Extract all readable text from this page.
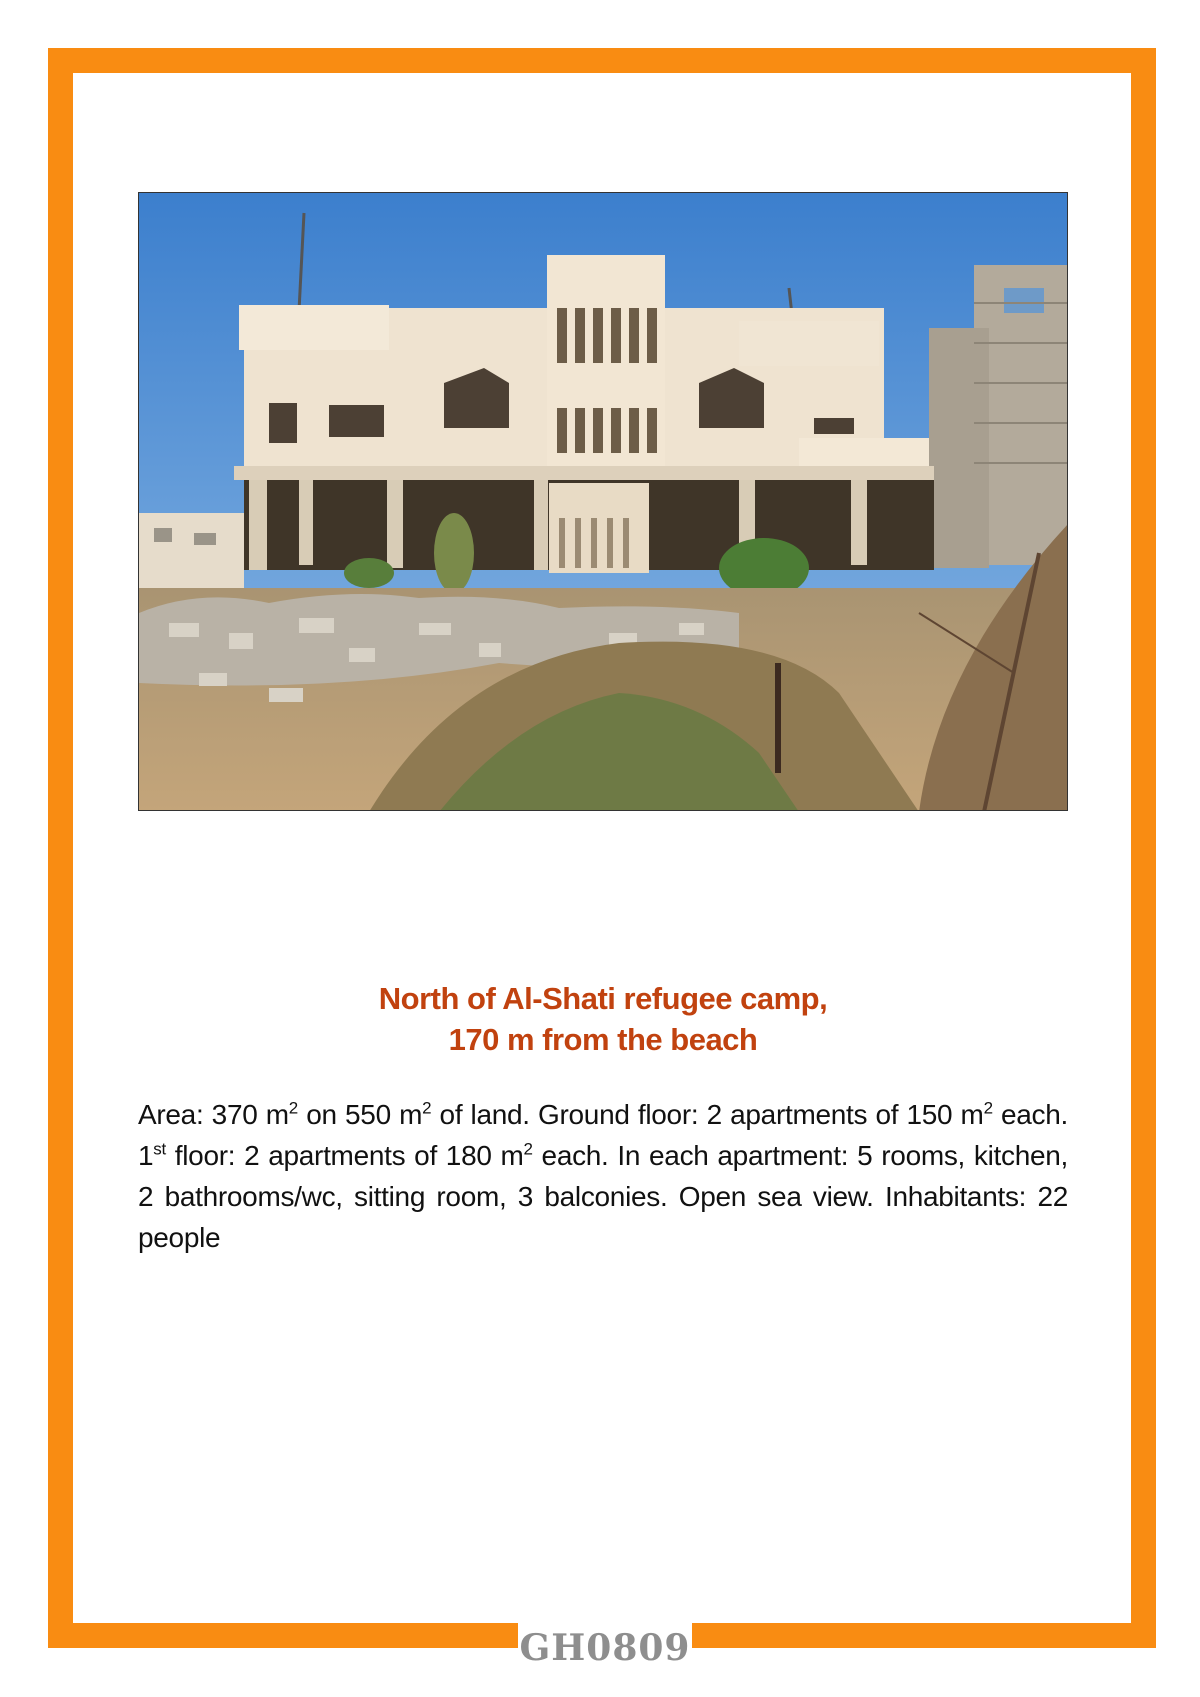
North of Al-Shati refugee camp,
170 m from the beach
Area: 370 $m^2$ on 550 $m^2$ of land. Ground floor: 2 apartments of 150 $m^2$ each. 1st floor: 2 apartments of 180 $m^2$ each. In each apartment: 5 rooms, kitchen, 2 bathrooms/wc, sitting room, 3 balconies. Open sea view. Inhabitants: 22 people
GH0809
